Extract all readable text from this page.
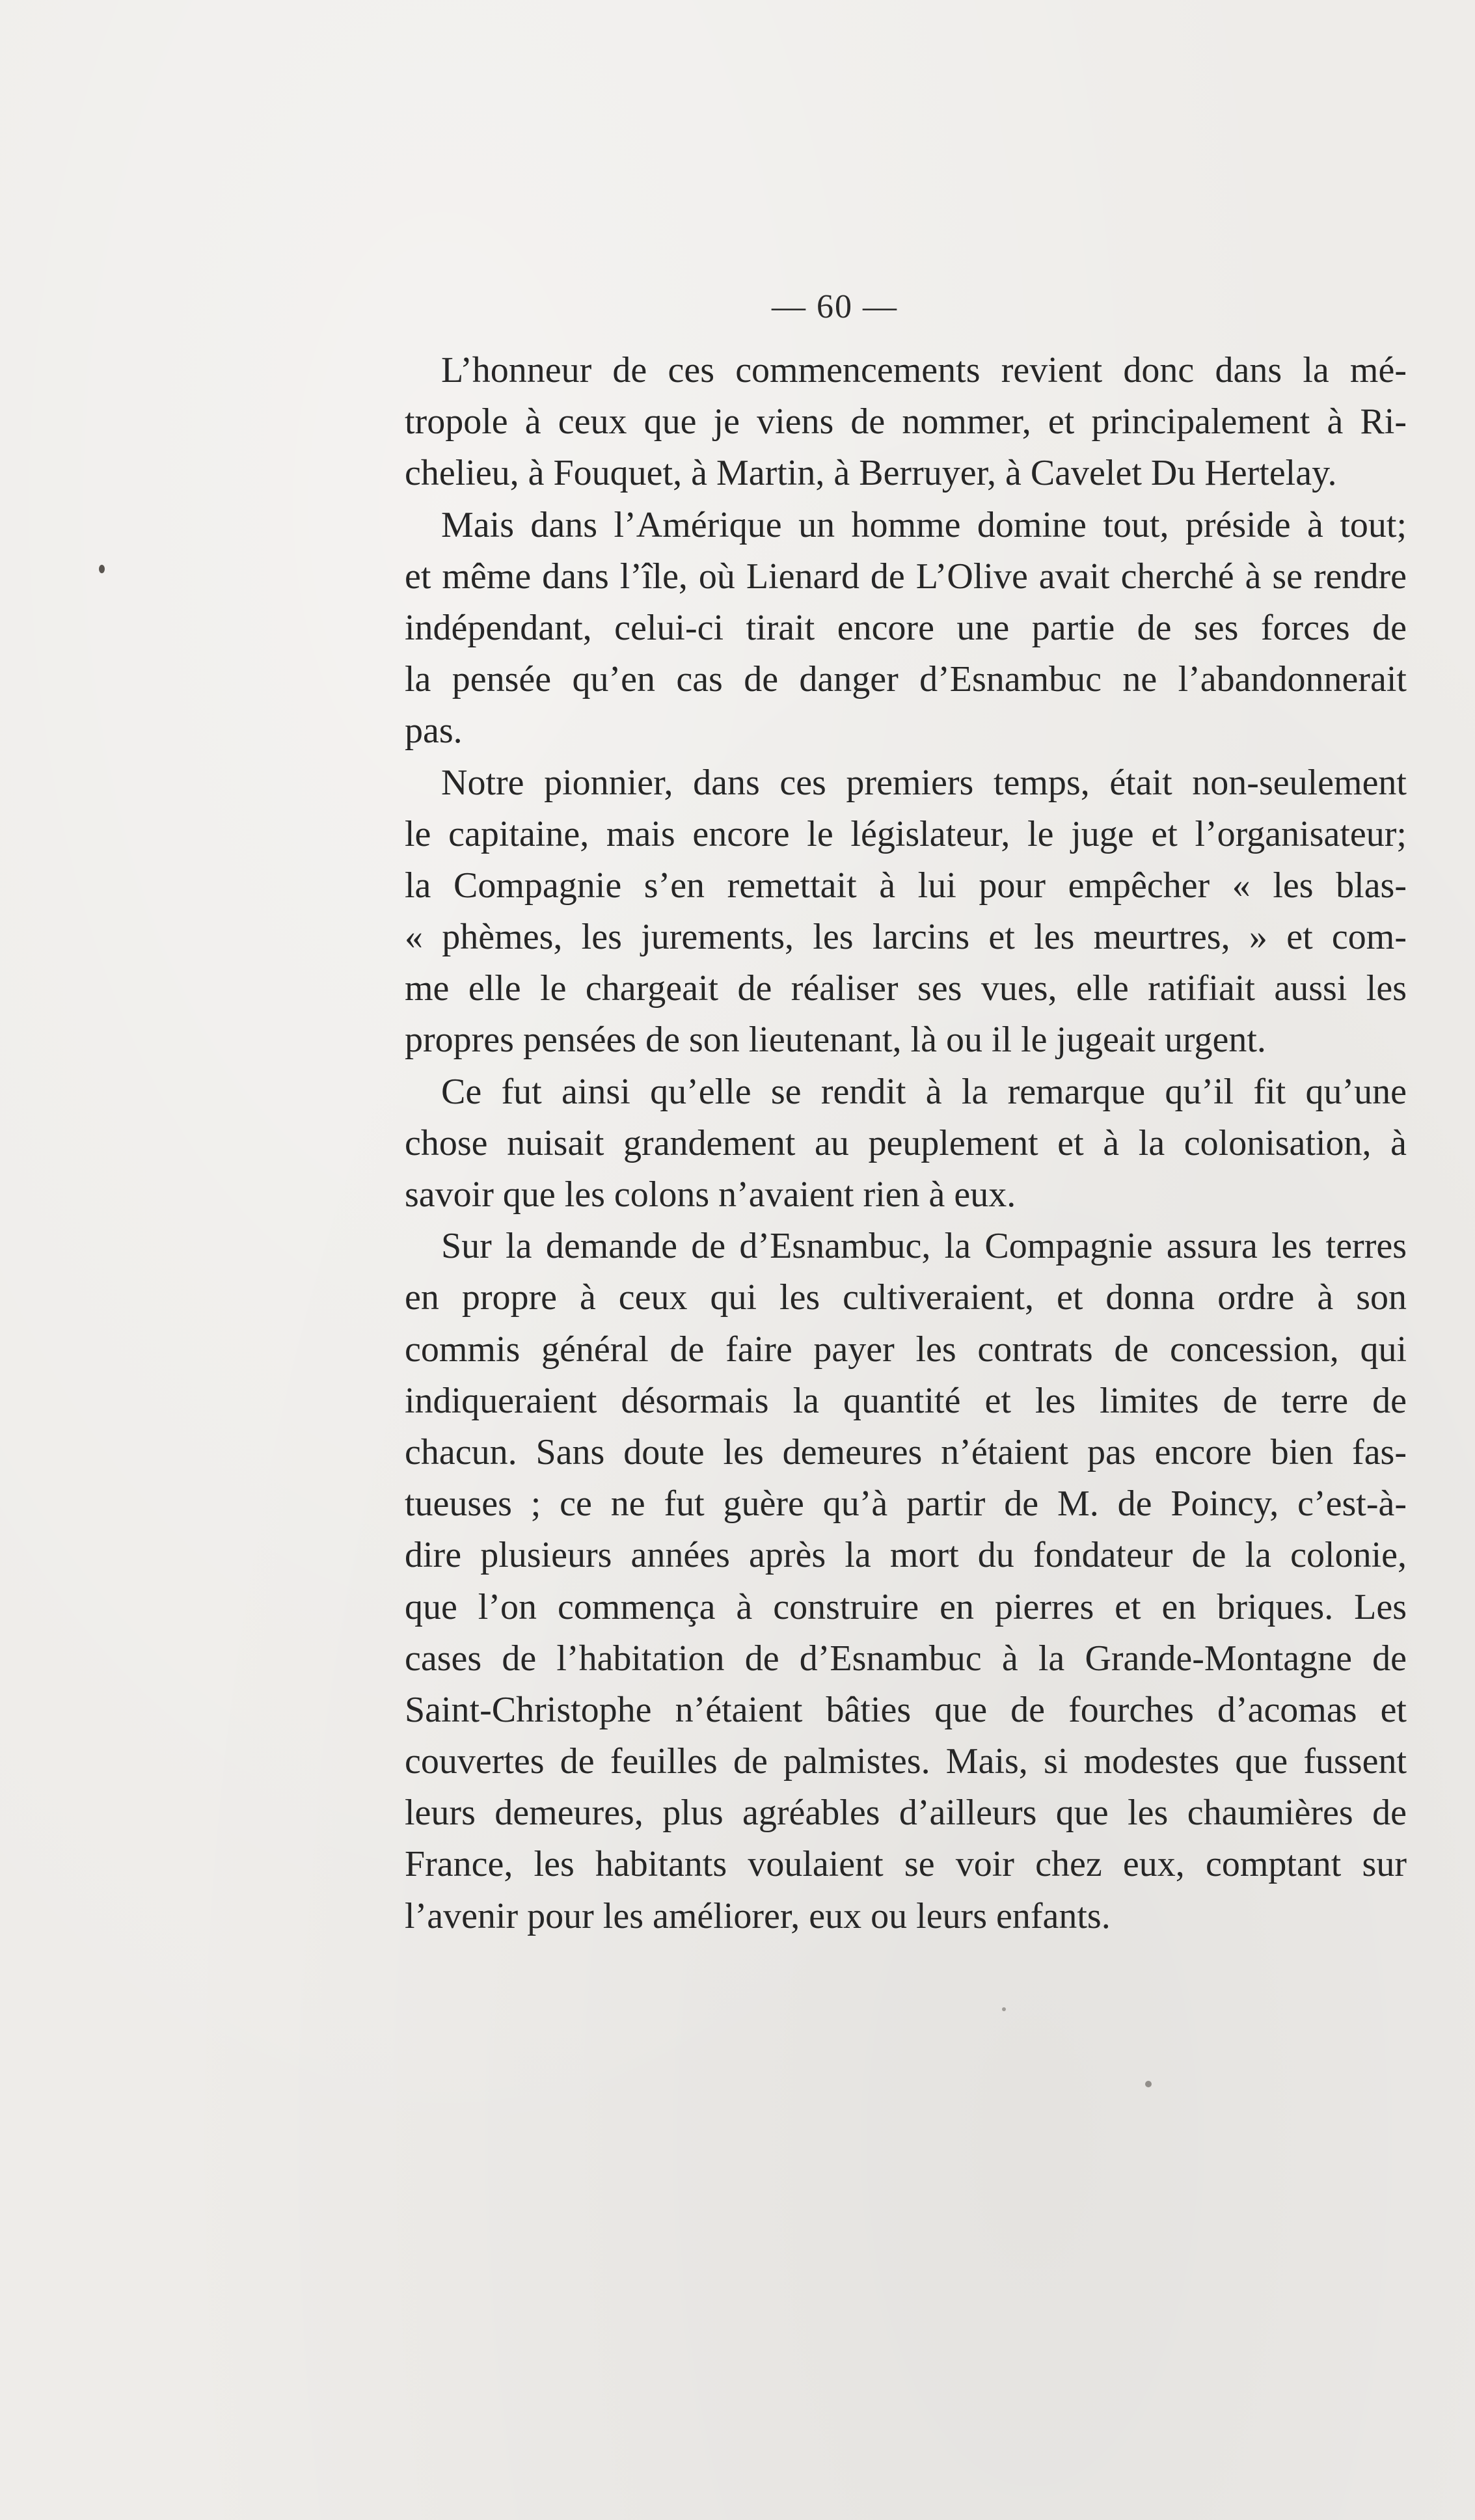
— 60 —

L’honneur de ces commencements revient donc dans la mé-
tropole à ceux que je viens de nommer, et principalement à Ri-
chelieu, à Fouquet, à Martin, à Berruyer, à Cavelet Du Hertelay.

Mais dans l’Amérique un homme domine tout, préside à tout;
et même dans l’île, où Lienard de L’Olive avait cherché à se rendre
indépendant, celui-ci tirait encore une partie de ses forces de
la pensée qu’en cas de danger d’Esnambuc ne l’abandonnerait
pas.

Notre pionnier, dans ces premiers temps, était non-seulement
le capitaine, mais encore le législateur, le juge et l’organisateur;
la Compagnie s’en remettait à lui pour empêcher « les blas-
« phèmes, les jurements, les larcins et les meurtres, » et com-
me elle le chargeait de réaliser ses vues, elle ratifiait aussi les
propres pensées de son lieutenant, là ou il le jugeait urgent.

Ce fut ainsi qu’elle se rendit à la remarque qu’il fit qu’une
chose nuisait grandement au peuplement et à la colonisation, à
savoir que les colons n’avaient rien à eux.

Sur la demande de d’Esnambuc, la Compagnie assura les terres
en propre à ceux qui les cultiveraient, et donna ordre à son
commis général de faire payer les contrats de concession, qui
indiqueraient désormais la quantité et les limites de terre de
chacun. Sans doute les demeures n’étaient pas encore bien fas-
tueuses ; ce ne fut guère qu’à partir de M. de Poincy, c’est-à-
dire plusieurs années après la mort du fondateur de la colonie,
que l’on commença à construire en pierres et en briques. Les
cases de l’habitation de d’Esnambuc à la Grande-Montagne de
Saint-Christophe n’étaient bâties que de fourches d’acomas et
couvertes de feuilles de palmistes. Mais, si modestes que fussent
leurs demeures, plus agréables d’ailleurs que les chaumières de
France, les habitants voulaient se voir chez eux, comptant sur
l’avenir pour les améliorer, eux ou leurs enfants.
